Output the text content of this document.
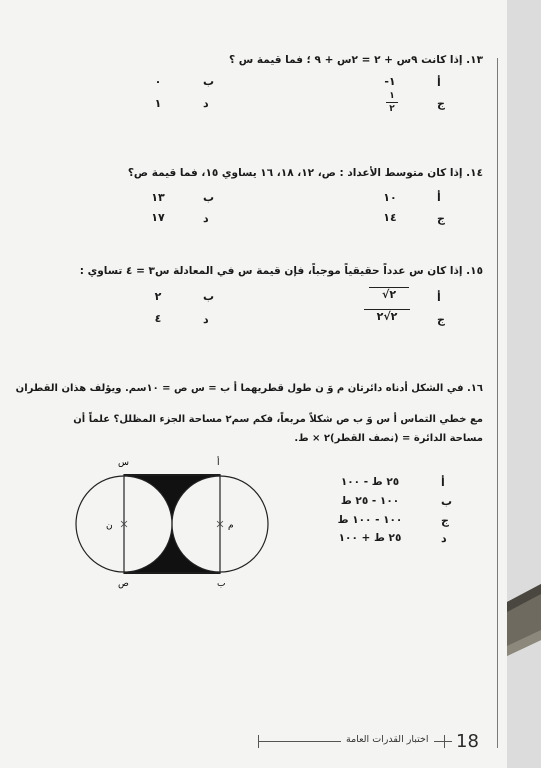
١٣. إذا كانت ٩س + ٢ = ٢س + ٩ ؛ فما قيمة س ؟
أ
١-
ب
٠
ج
١
٢
د
١
١٤. إذا كان متوسط الأعداد : ص، ١٢، ١٨، ١٦ يساوي ١٥، فما قيمة ص؟
أ
١٠
ب
١٣
ج
١٤
د
١٧
١٥. إذا كان س عدداً حقيقياً موجباً، فإن قيمة س في المعادلة س٣ = ٤ تساوي :
أ
٢√
ب
٢
ج
٢√٢
د
٤
١٦. في الشكل أدناه دائرتان م وَ ن طول قطريهما أ ب = س ص = ١٠سم. ويؤلف هذان القطران
مع خطي التماس أ س وَ ب ص شكلاً مربعاً، فكم سم٢ مساحة الجزء المظلل؟ علماً أن
مساحة الدائرة = (نصف القطر)٢ × ط.
أ
٢٥ ط - ١٠٠
ب
١٠٠ - ٢٥ ط
ج
١٠٠ - ١٠٠ ط
د
٢٥ ط + ١٠٠
س	أ
ن	م
ص	ب
اختبار القدرات العامة 18
